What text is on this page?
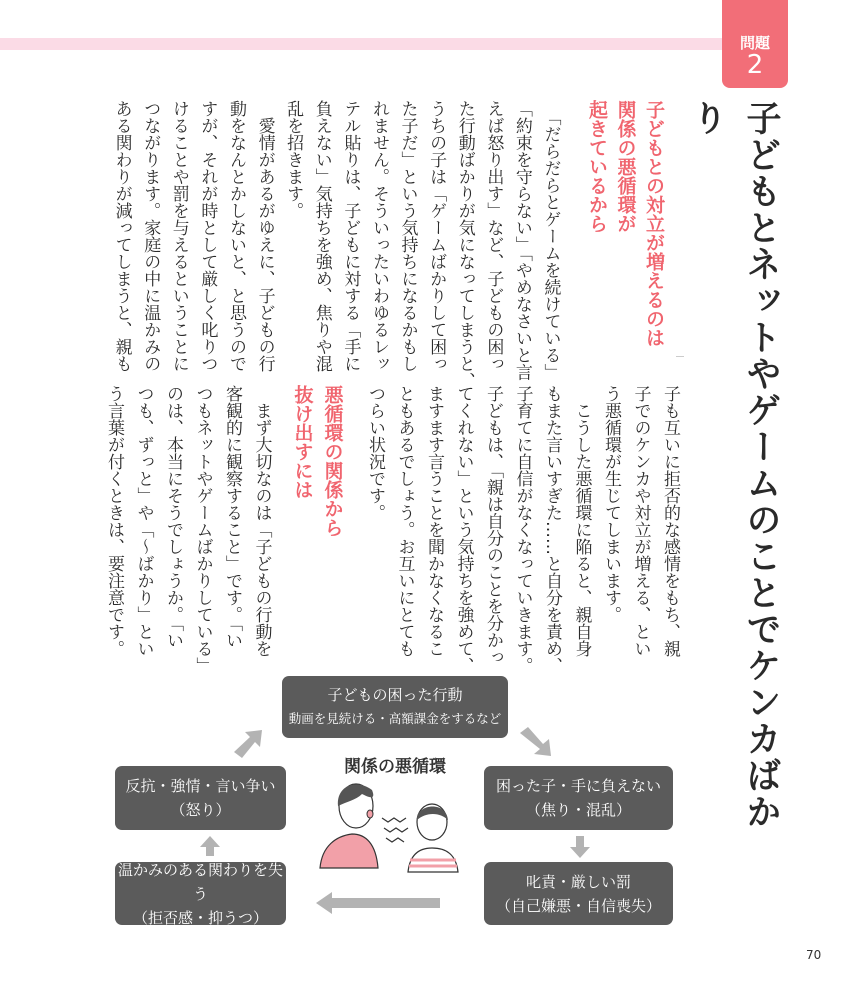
問題
2
子どもとネットやゲームのことでケンカばかり
子どもとの対立が増えるのは
関係の悪循環が
起きているから
　「だらだらとゲームを続けている」
「約束を守らない」「やめなさいと言
えば怒り出す」など、子どもの困っ
た行動ばかりが気になってしまうと、
うちの子は「ゲームばかりして困っ
た子だ」という気持ちになるかもし
れません。そういったいわゆるレッ
テル貼りは、子どもに対する「手に
負えない」気持ちを強め、焦りや混
乱を招きます。
　愛情があるがゆえに、子どもの行
動をなんとかしないと、と思うので
すが、それが時として厳しく叱りつ
けることや罰を与えるということに
つながります。家庭の中に温かみの
ある関わりが減ってしまうと、親も
子も互いに拒否的な感情をもち、親
子でのケンカや対立が増える、とい
う悪循環が生じてしまいます。
　こうした悪循環に陥ると、親自身
もまた言いすぎた……と自分を責め、
子育てに自信がなくなっていきます。
子どもは、「親は自分のことを分かっ
てくれない」という気持ちを強めて、
ますます言うことを聞かなくなるこ
ともあるでしょう。お互いにとても
つらい状況です。
悪循環の関係から
抜け出すには
　まず大切なのは「子どもの行動を
客観的に観察すること」です。「い
つもネットやゲームばかりしている」
のは、本当にそうでしょうか。「い
つも、ずっと」や「～ばかり」とい
う言葉が付くときは、要注意です。
子どもの困った行動
動画を見続ける・高額課金をするなど
困った子・手に負えない
（焦り・混乱）
叱責・厳しい罰
（自己嫌悪・自信喪失）
温かみのある関わりを失う
（拒否感・抑うつ）
反抗・強情・言い争い
（怒り）
関係の悪循環
70
